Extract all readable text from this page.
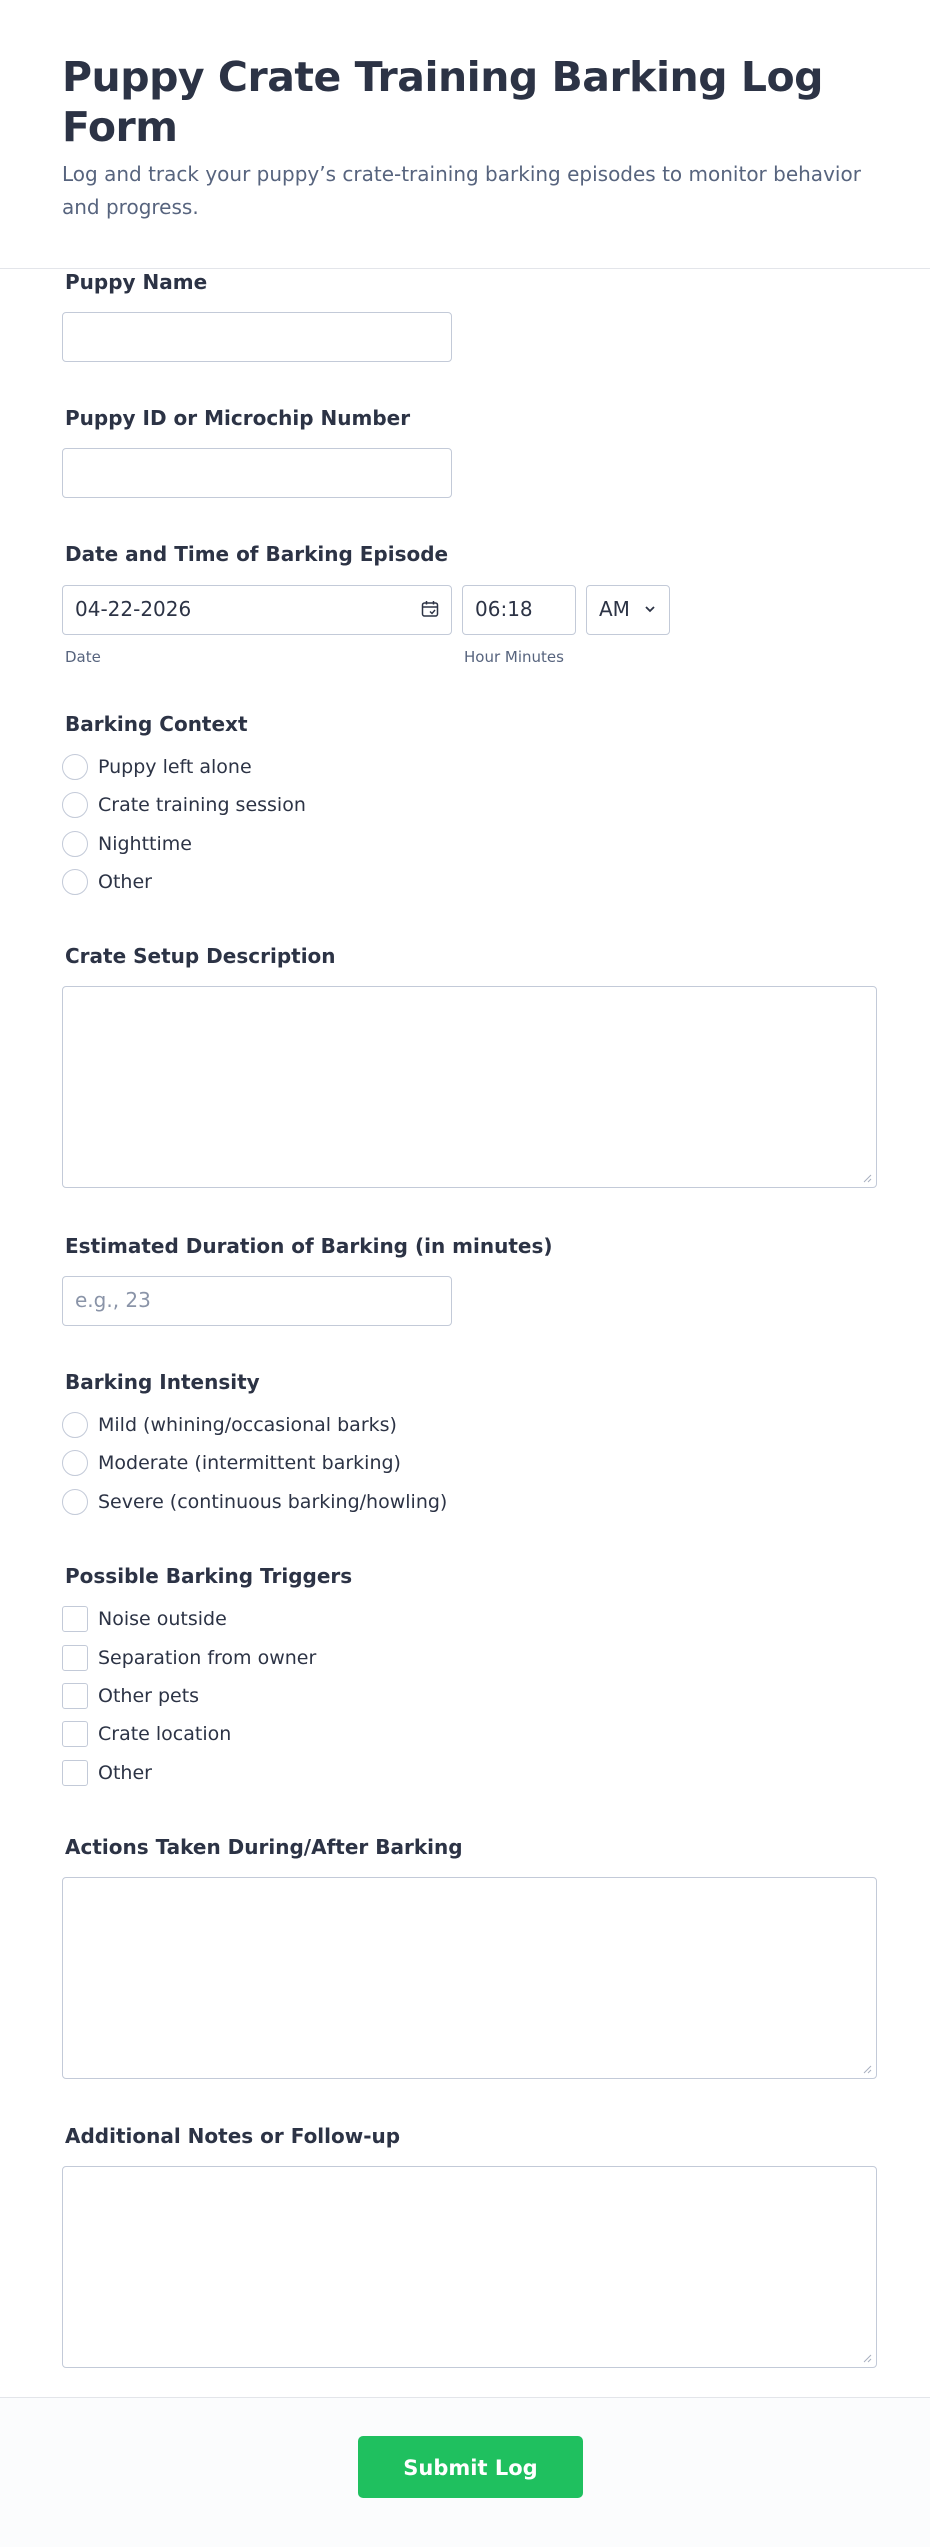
Puppy Crate Training Barking Log Form
Log and track your puppy’s crate-training barking episodes to monitor behavior and progress.
Puppy Name
Puppy ID or Microchip Number
Date and Time of Barking Episode
04-22-2026	06:18	AM
Date	Hour Minutes
Barking Context
Puppy left alone
Crate training session
Nighttime
Other
Crate Setup Description
Estimated Duration of Barking (in minutes)
e.g., 23
Barking Intensity
Mild (whining/occasional barks)
Moderate (intermittent barking)
Severe (continuous barking/howling)
Possible Barking Triggers
Noise outside
Separation from owner
Other pets
Crate location
Other
Actions Taken During/After Barking
Additional Notes or Follow-up
Submit Log
